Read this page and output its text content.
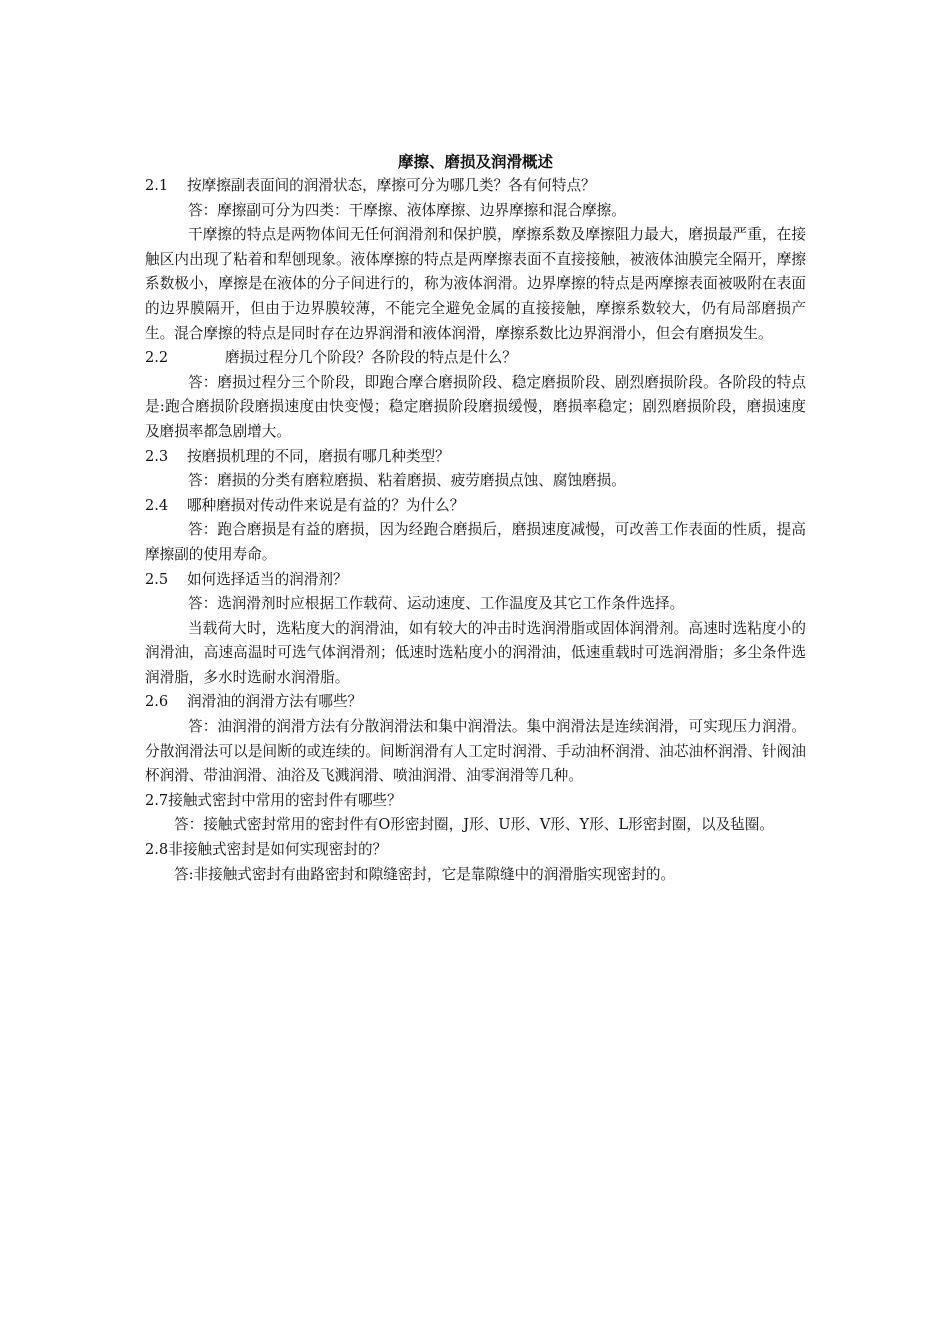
摩擦、磨损及润滑概述

2.1 按摩擦副表面间的润滑状态，摩擦可分为哪几类？各有何特点？

答：摩擦副可分为四类：干摩擦、液体摩擦、边界摩擦和混合摩擦。

干摩擦的特点是两物体间无任何润滑剂和保护膜，摩擦系数及摩擦阻力最大，磨损最严重，在接触区内出现了粘着和犁刨现象。液体摩擦的特点是两摩擦表面不直接接触，被液体油膜完全隔开，摩擦系数极小，摩擦是在液体的分子间进行的，称为液体润滑。边界摩擦的特点是两摩擦表面被吸附在表面的边界膜隔开，但由于边界膜较薄，不能完全避免金属的直接接触，摩擦系数较大，仍有局部磨损产生。混合摩擦的特点是同时存在边界润滑和液体润滑，摩擦系数比边界润滑小，但会有磨损发生。

2.2	磨损过程分几个阶段？各阶段的特点是什么？

答：磨损过程分三个阶段，即跑合摩合磨损阶段、稳定磨损阶段、剧烈磨损阶段。各阶段的特点是:跑合磨损阶段磨损速度由快变慢；稳定磨损阶段磨损缓慢，磨损率稳定；剧烈磨损阶段，磨损速度及磨损率都急剧增大。

2.3 按磨损机理的不同，磨损有哪几种类型？

答：磨损的分类有磨粒磨损、粘着磨损、疲劳磨损点蚀、腐蚀磨损。

2.4 哪种磨损对传动件来说是有益的？为什么？

答：跑合磨损是有益的磨损，因为经跑合磨损后，磨损速度减慢，可改善工作表面的性质，提高摩擦副的使用寿命。

2.5 如何选择适当的润滑剂？

答：选润滑剂时应根据工作载荷、运动速度、工作温度及其它工作条件选择。

当载荷大时，选粘度大的润滑油，如有较大的冲击时选润滑脂或固体润滑剂。高速时选粘度小的润滑油，高速高温时可选气体润滑剂；低速时选粘度小的润滑油，低速重载时可选润滑脂；多尘条件选润滑脂，多水时选耐水润滑脂。

2.6 润滑油的润滑方法有哪些？

答：油润滑的润滑方法有分散润滑法和集中润滑法。集中润滑法是连续润滑，可实现压力润滑。分散润滑法可以是间断的或连续的。间断润滑有人工定时润滑、手动油杯润滑、油芯油杯润滑、针阀油杯润滑、带油润滑、油浴及飞溅润滑、喷油润滑、油零润滑等几种。

2.7接触式密封中常用的密封件有哪些？

答：接触式密封常用的密封件有O形密封圈，J形、U形、V形、Y形、L形密封圈，以及毡圈。

2.8非接触式密封是如何实现密封的？

答:非接触式密封有曲路密封和隙缝密封，它是靠隙缝中的润滑脂实现密封的。
